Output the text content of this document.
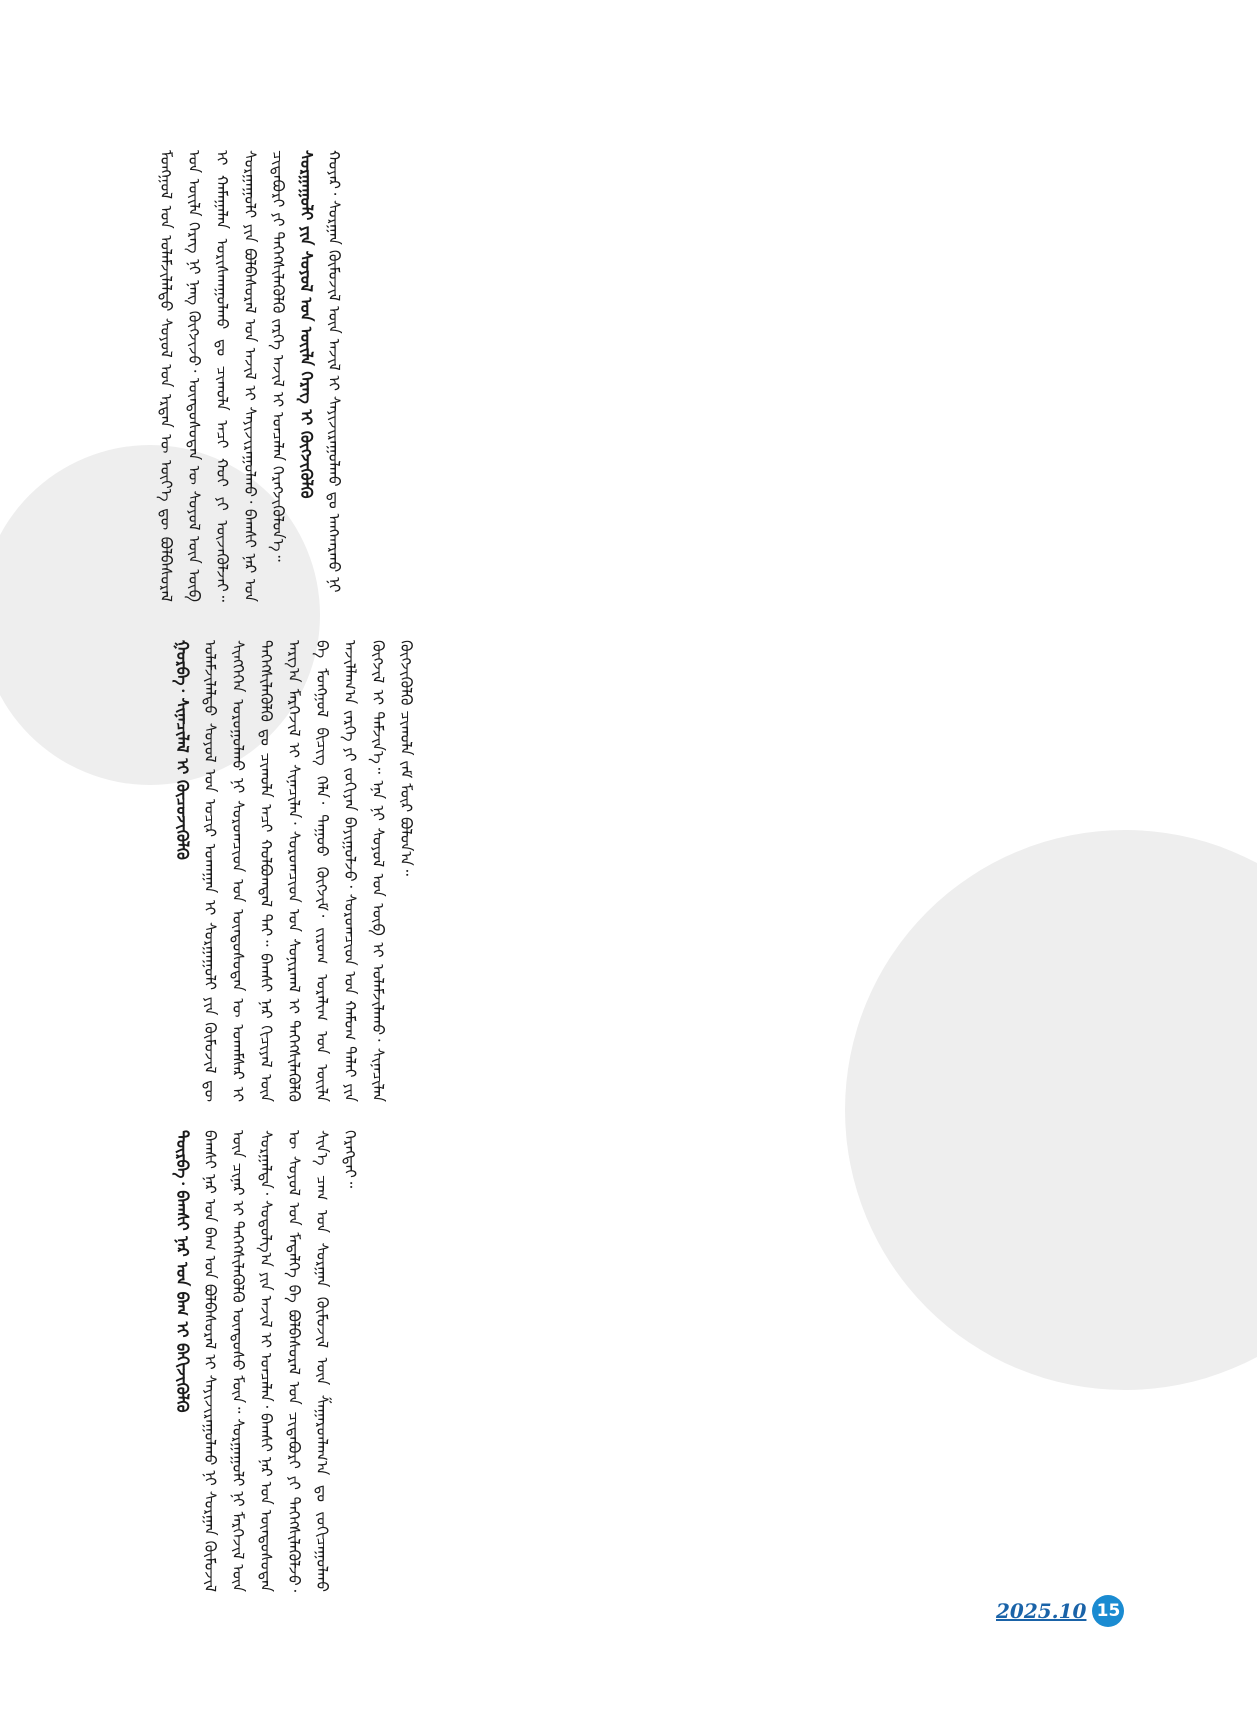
ᠮᠣᠩᠭᠣᠯ ᠤᠨ ᠤᠯᠠᠮᠵᠢᠯᠠᠯᠲᠤ ᠰᠣᠶᠣᠯ ᠤᠨ ᠡᠷᠲᠡᠨ ᠦ ᠦᠶ᠎ᠡ ᠳᠦ ᠪᠣᠯᠪᠠᠰᠤᠷᠠᠯ ᠤᠨ ᠦᠢᠯᠡ ᠬᠡᠷᠡᠭ ᠨᠢ ᠨᠡᠩ ᠬᠥᠭᠵᠢᠵᠦ᠂ ᠦᠨᠳᠦᠰᠦᠲᠡᠨ ᠦ ᠰᠣᠶᠣᠯ ᠦᠨ ᠥᠪ ᠢ ᠬᠠᠮᠠᠭᠠᠯᠠᠨ ᠤᠷᠢᠰᠭᠠᠭᠤᠯᠬᠤ ᠳᠤ ᠴᠢᠬᠤᠯᠠ ᠠᠴᠢ ᠬᠤᠢ ᠶᠢ ᠦᠵᠡᠭᠦᠯᠵᠡᠢ᠃ ᠰᠤᠷᠭᠠᠭᠤᠯᠢ ᠶᠢᠨ ᠪᠣᠯᠪᠠᠰᠤᠷᠠᠯ ᠤᠨ ᠠᠵᠢᠯ ᠢ ᠰᠠᠶᠢᠵᠢᠷᠠᠭᠤᠯᠬᠤ᠂ ᠪᠠᠭᠰᠢ ᠨᠠᠷ ᠤᠨ ᠴᠢᠳᠠᠪᠤᠷᠢ ᠶᠢ ᠳᠡᠭᠡᠭᠰᠢᠯᠡᠭᠦᠯᠬᠦ ᠵᠡᠷᠭᠡ ᠠᠵᠢᠯ ᠢ ᠣᠨᠴᠠᠯᠠᠨ ᠬᠡᠷᠡᠭᠵᠢᠭᠦᠯᠦᠨ᠎ᠡ᠃ ᠰᠤᠷᠭᠠᠭᠤᠯᠢ ᠶᠢᠨ ᠰᠤᠶᠤᠯ ᠤᠨ ᠦᠢᠯᠡ ᠬᠡᠷᠡᠭ ᠢ ᠬᠥᠭᠵᠢᠭᠦᠯᠬᠦ ᠬᠣᠶᠠᠷ᠂ ᠰᠤᠷᠭᠠᠨ ᠬᠦᠮᠦᠵᠢᠯ ᠦᠨ ᠠᠵᠢᠯ ᠢ ᠰᠠᠶᠢᠵᠢᠷᠠᠭᠤᠯᠬᠤ ᠳᠤ ᠠᠩᠬᠠᠷᠬᠤ ᠨᠢ
ᠭᠤᠷᠪᠠ᠂ ᠰᠢᠨᠡᠴᠢᠯᠡᠯ ᠢ ᠬᠦᠴᠦᠵᠢᠭᠦᠯᠬᠦ ᠤᠯᠠᠮᠵᠢᠯᠠᠯᠲᠤ ᠰᠣᠶᠣᠯ ᠤᠨ ᠤᠴᠢᠷ ᠤᠬᠠᠭᠠᠨ ᠢ ᠰᠤᠷᠭᠠᠭᠤᠯᠢ ᠶᠢᠨ ᠬᠦᠮᠦᠵᠢᠯ ᠳᠦ ᠰᠢᠩᠭᠡᠭᠡᠨ ᠤᠷᠤᠭᠤᠯᠬᠤ ᠨᠢ ᠰᠤᠷᠤᠭᠴᠢᠳ ᠤᠨ ᠦᠨᠳᠦᠰᠦᠲᠡᠨ ᠦ ᠤᠬᠠᠮᠰᠠᠷ ᠢ ᠳᠡᠭᠡᠭᠰᠢᠯᠡᠭᠦᠯᠬᠦ ᠳᠤ ᠴᠢᠬᠤᠯᠠ ᠠᠴᠢ ᠬᠣᠯᠪᠣᠭᠳᠠᠯ ᠲᠠᠢ᠃ ᠪᠠᠭᠰᠢ ᠨᠠᠷ ᠬᠢᠴᠢᠶᠡᠯ ᠦᠨ ᠠᠷᠭ᠎ᠠ ᠮᠡᠷᠭᠡᠵᠢᠯ ᠢ ᠰᠢᠨᠡᠴᠢᠯᠡᠨ᠂ ᠰᠤᠷᠤᠭᠴᠢᠳ ᠤᠨ ᠰᠣᠨᠢᠷᠬᠠᠯ ᠢ ᠳᠡᠭᠡᠭᠰᠢᠯᠡᠭᠦᠯᠬᠦ ᠪᠠ ᠮᠣᠩᠭᠣᠯ ᠪᠢᠴᠢᠭ ᠬᠡᠯᠡ᠂ ᠳᠠᠭᠤᠤ ᠬᠦᠭᠵᠢᠮ᠂ ᠵᠢᠷᠤᠭ ᠤᠷᠠᠯᠢᠭ ᠤᠨ ᠦᠢᠯᠡ ᠠᠵᠢᠯᠯᠠᠭ᠎ᠠ ᠵᠡᠷᠭᠡ ᠶᠢ ᠵᠣᠬᠢᠶᠠᠨ ᠪᠠᠶᠢᠭᠤᠯᠵᠤ᠂ ᠰᠤᠷᠤᠭᠴᠢᠳ ᠤᠨ ᠬᠠᠮᠤᠭ ᠳᠠᠯᠠᠢ ᠶᠢᠨ ᠬᠥᠭᠵᠢᠯ ᠢ ᠳᠡᠮᠵᠢᠨ᠎ᠡ᠃ ᠡᠨᠡ ᠨᠢ ᠰᠣᠶᠣᠯ ᠤᠨ ᠥᠪ ᠢ ᠤᠯᠠᠮᠵᠢᠯᠠᠬᠤ᠂ ᠰᠢᠨᠡᠴᠢᠯᠡᠨ ᠬᠥᠭᠵᠢᠭᠦᠯᠬᠦ ᠴᠢᠬᠤᠯᠠ ᠵᠠᠮ ᠮᠥᠷ ᠪᠣᠯᠤᠨ᠎ᠠ᠃
ᠳᠥᠷᠪᠡ᠂ ᠪᠠᠭᠰᠢ ᠨᠠᠷ ᠤᠨ ᠪᠠᠭ ᠢ ᠪᠡᠬᠢᠵᠢᠭᠦᠯᠬᠦ ᠪᠠᠭᠰᠢ ᠨᠠᠷ ᠤᠨ ᠪᠠᠭ ᠤᠨ ᠪᠣᠯᠪᠠᠰᠤᠷᠠᠯ ᠢ ᠰᠠᠶᠢᠵᠢᠷᠠᠭᠤᠯᠬᠤ ᠨᠢ ᠰᠤᠷᠭᠠᠨ ᠬᠦᠮᠦᠵᠢᠯ ᠦᠨ ᠴᠢᠨᠠᠷ ᠢ ᠳᠡᠭᠡᠭᠰᠢᠯᠡᠭᠦᠯᠬᠦ ᠦᠨᠳᠦᠰᠦ ᠮᠥᠨ᠃ ᠰᠤᠷᠭᠠᠭᠤᠯᠢ ᠨᠢ ᠮᠡᠷᠭᠡᠵᠢᠯ ᠦᠨ ᠰᠤᠷᠭᠠᠯᠲᠠ᠂ ᠰᠤᠳᠤᠯᠭ᠎ᠠ ᠶᠢᠨ ᠠᠵᠢᠯ ᠢ ᠣᠨᠴᠠᠯᠠᠨ᠂ ᠪᠠᠭᠰᠢ ᠨᠠᠷ ᠤᠨ ᠦᠨᠳᠦᠰᠦᠲᠡᠨ ᠦ ᠰᠣᠶᠣᠯ ᠤᠨ ᠮᠡᠳᠡᠯᠭᠡ ᠪᠠ ᠪᠣᠯᠪᠠᠰᠤᠷᠠᠯ ᠤᠨ ᠴᠢᠳᠠᠪᠤᠷᠢ ᠶᠢ ᠳᠡᠭᠡᠭᠰᠢᠯᠡᠭᠦᠯᠵᠦ᠂ ᠰᠢᠨ᠎ᠡ ᠴᠠᠭ ᠤᠨ ᠰᠤᠷᠭᠠᠨ ᠬᠦᠮᠦᠵᠢᠯ ᠦᠨ ᠱᠠᠭᠠᠷᠳᠯᠠᠭ᠎ᠠ ᠳᠤ ᠵᠣᠬᠢᠴᠠᠭᠤᠯᠬᠤ ᠬᠡᠷᠡᠭᠲᠡᠢ᠃
2025.10 15
